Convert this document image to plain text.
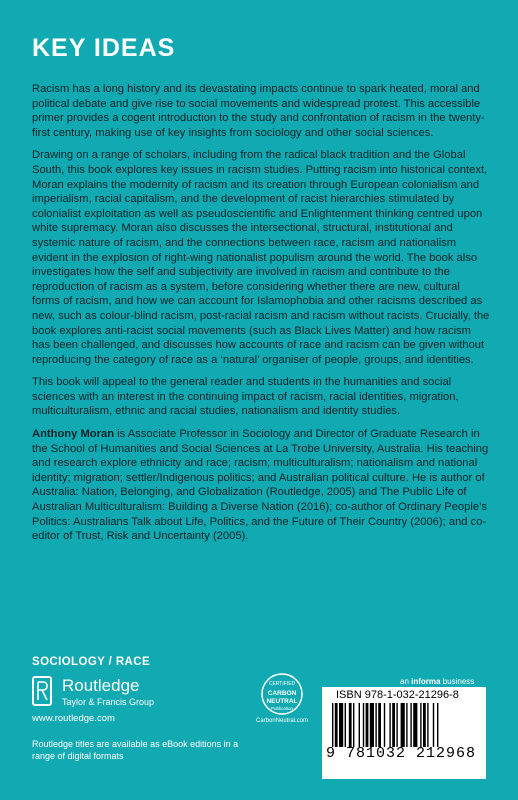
KEY IDEAS

Racism has a long history and its devastating impacts continue to spark heated, moral and political debate and give rise to social movements and widespread protest. This accessible primer provides a cogent introduction to the study and confrontation of racism in the twenty-first century, making use of key insights from sociology and other social sciences.

Drawing on a range of scholars, including from the radical black tradition and the Global South, this book explores key issues in racism studies. Putting racism into historical context, Moran explains the modernity of racism and its creation through European colonialism and imperialism, racial capitalism, and the development of racist hierarchies stimulated by colonialist exploitation as well as pseudoscientific and Enlightenment thinking centred upon white supremacy. Moran also discusses the intersectional, structural, institutional and systemic nature of racism, and the connections between race, racism and nationalism evident in the explosion of right-wing nationalist populism around the world. The book also investigates how the self and subjectivity are involved in racism and contribute to the reproduction of racism as a system, before considering whether there are new, cultural forms of racism, and how we can account for Islamophobia and other racisms described as new, such as colour-blind racism, post-racial racism and racism without racists. Crucially, the book explores anti-racist social movements (such as Black Lives Matter) and how racism has been challenged, and discusses how accounts of race and racism can be given without reproducing the category of race as a ‘natural’ organiser of people, groups, and identities.

This book will appeal to the general reader and students in the humanities and social sciences with an interest in the continuing impact of racism, racial identities, migration, multiculturalism, ethnic and racial studies, nationalism and identity studies.

Anthony Moran is Associate Professor in Sociology and Director of Graduate Research in the School of Humanities and Social Sciences at La Trobe University, Australia. His teaching and research explore ethnicity and race; racism; multiculturalism; nationalism and national identity; migration; settler/Indigenous politics; and Australian political culture. He is author of Australia: Nation, Belonging, and Globalization (Routledge, 2005) and The Public Life of Australian Multiculturalism: Building a Diverse Nation (2016); co-author of Ordinary People’s Politics: Australians Talk about Life, Politics, and the Future of Their Country (2006); and co-editor of Trust, Risk and Uncertainty (2005).

SOCIOLOGY / RACE
Routledge
Taylor & Francis Group
www.routledge.com
Routledge titles are available as eBook editions in a range of digital formats
CERTIFIED
CARBON
NEUTRAL
Publication
CarbonNeutral.com
an informa business
ISBN 978-1-032-21296-8
9 781032 212968
